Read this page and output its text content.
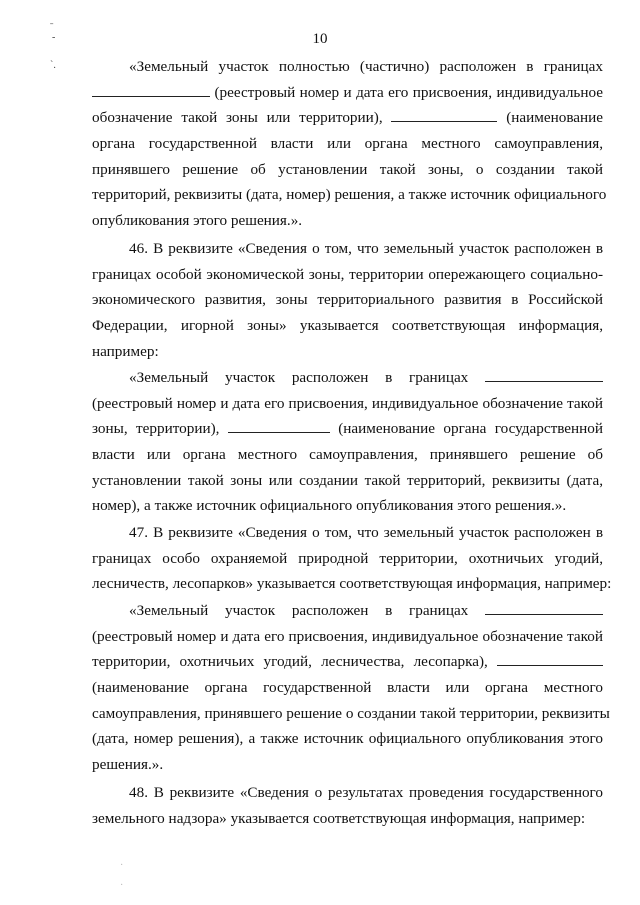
10
ˉ
-
`.	«Земельный участок полностью (частично) расположен в границах
(реестровый номер и дата его присвоения, индивидуальное
обозначение такой зоны или территории),	(наименование
органа государственной власти или органа местного самоуправления,
принявшего решение об установлении такой зоны, о создании такой
территорий, реквизиты (дата, номер) решения, а также источник официального
опубликования этого решения.».
46. В реквизите «Сведения о том, что земельный участок расположен в
границах особой экономической зоны, территории опережающего социально-
экономического развития, зоны территориального развития в Российской
Федерации, игорной зоны» указывается соответствующая информация,
например:
«Земельный участок расположен в границах
(реестровый номер и дата его присвоения, индивидуальное обозначение такой
зоны, территории),	(наименование органа государственной
власти или органа местного самоуправления, принявшего решение об
установлении такой зоны или создании такой территорий, реквизиты (дата,
номер), а также источник официального опубликования этого решения.».
47. В реквизите «Сведения о том, что земельный участок расположен в
границах особо охраняемой природной территории, охотничьих угодий,
лесничеств, лесопарков» указывается соответствующая информация, например:
«Земельный участок расположен в границах
(реестровый номер и дата его присвоения, индивидуальное обозначение такой
территории, охотничьих угодий, лесничества, лесопарка),
(наименование органа государственной власти или органа местного
самоуправления, принявшего решение о создании такой территории, реквизиты
(дата, номер решения), а также источник официального опубликования этого
решения.».
48. В реквизите «Сведения о результатах проведения государственного
земельного надзора» указывается соответствующая информация, например:
·
·
